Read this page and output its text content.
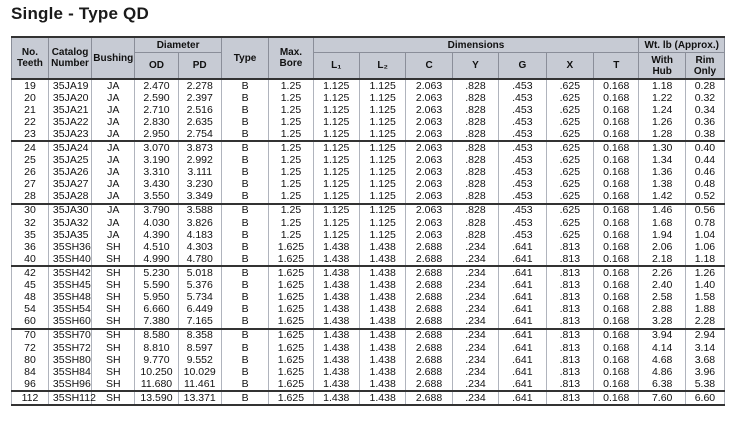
Single - Type QD
No. Teeth	Catalog Number	Bushing	Diameter		Type	Max. Bore	Dimensions							Wt. lb (Approx.)	
			OD	PD			L₁	L₂	C	Y	G	X	T	With Hub	Rim Only
19	35JA19	JA	2.470	2.278	B	1.25	1.125	1.125	2.063	.828	.453	.625	0.168	1.18	0.28
20	35JA20	JA	2.590	2.397	B	1.25	1.125	1.125	2.063	.828	.453	.625	0.168	1.22	0.32
21	35JA21	JA	2.710	2.516	B	1.25	1.125	1.125	2.063	.828	.453	.625	0.168	1.24	0.34
22	35JA22	JA	2.830	2.635	B	1.25	1.125	1.125	2.063	.828	.453	.625	0.168	1.26	0.36
23	35JA23	JA	2.950	2.754	B	1.25	1.125	1.125	2.063	.828	.453	.625	0.168	1.28	0.38
24	35JA24	JA	3.070	3.873	B	1.25	1.125	1.125	2.063	.828	.453	.625	0.168	1.30	0.40
25	35JA25	JA	3.190	2.992	B	1.25	1.125	1.125	2.063	.828	.453	.625	0.168	1.34	0.44
26	35JA26	JA	3.310	3.111	B	1.25	1.125	1.125	2.063	.828	.453	.625	0.168	1.36	0.46
27	35JA27	JA	3.430	3.230	B	1.25	1.125	1.125	2.063	.828	.453	.625	0.168	1.38	0.48
28	35JA28	JA	3.550	3.349	B	1.25	1.125	1.125	2.063	.828	.453	.625	0.168	1.42	0.52
30	35JA30	JA	3.790	3.588	B	1.25	1.125	1.125	2.063	.828	.453	.625	0.168	1.46	0.56
32	35JA32	JA	4.030	3.826	B	1.25	1.125	1.125	2.063	.828	.453	.625	0.168	1.68	0.78
35	35JA35	JA	4.390	4.183	B	1.25	1.125	1.125	2.063	.828	.453	.625	0.168	1.94	1.04
36	35SH36	SH	4.510	4.303	B	1.625	1.438	1.438	2.688	.234	.641	.813	0.168	2.06	1.06
40	35SH40	SH	4.990	4.780	B	1.625	1.438	1.438	2.688	.234	.641	.813	0.168	2.18	1.18
42	35SH42	SH	5.230	5.018	B	1.625	1.438	1.438	2.688	.234	.641	.813	0.168	2.26	1.26
45	35SH45	SH	5.590	5.376	B	1.625	1.438	1.438	2.688	.234	.641	.813	0.168	2.40	1.40
48	35SH48	SH	5.950	5.734	B	1.625	1.438	1.438	2.688	.234	.641	.813	0.168	2.58	1.58
54	35SH54	SH	6.660	6.449	B	1.625	1.438	1.438	2.688	.234	.641	.813	0.168	2.88	1.88
60	35SH60	SH	7.380	7.165	B	1.625	1.438	1.438	2.688	.234	.641	.813	0.168	3.28	2.28
70	35SH70	SH	8.580	8.358	B	1.625	1.438	1.438	2.688	.234	.641	.813	0.168	3.94	2.94
72	35SH72	SH	8.810	8.597	B	1.625	1.438	1.438	2.688	.234	.641	.813	0.168	4.14	3.14
80	35SH80	SH	9.770	9.552	B	1.625	1.438	1.438	2.688	.234	.641	.813	0.168	4.68	3.68
84	35SH84	SH	10.250	10.029	B	1.625	1.438	1.438	2.688	.234	.641	.813	0.168	4.86	3.96
96	35SH96	SH	11.680	11.461	B	1.625	1.438	1.438	2.688	.234	.641	.813	0.168	6.38	5.38
112	35SH112	SH	13.590	13.371	B	1.625	1.438	1.438	2.688	.234	.641	.813	0.168	7.60	6.60
